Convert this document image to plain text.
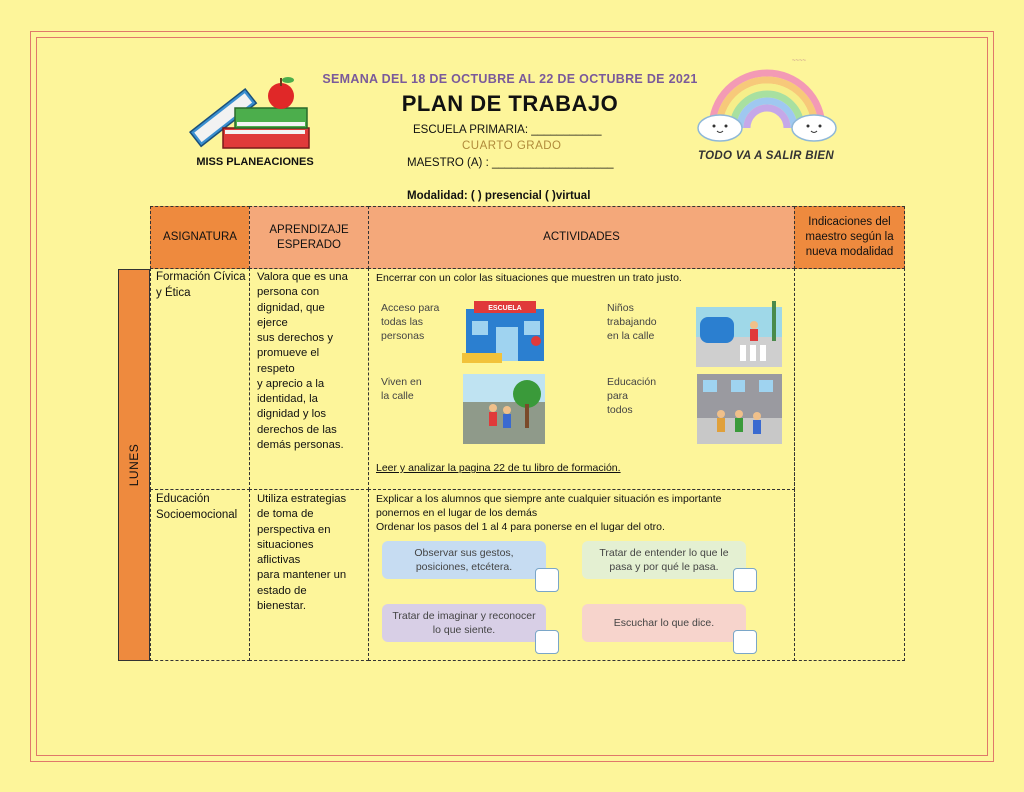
MISS PLANEACIONES
~~~~
TODO VA A SALIR BIEN
SEMANA DEL 18 DE OCTUBRE AL 22 DE OCTUBRE DE 2021
PLAN DE TRABAJO
ESCUELA PRIMARIA: ___________
CUARTO GRADO
MAESTRO (A) : ___________________
Modalidad: ( ) presencial ( )virtual
ASIGNATURA
APRENDIZAJE ESPERADO
ACTIVIDADES
Indicaciones del maestro según la nueva modalidad
LUNES
Formación Cívica y Ética
Valora que es una
persona con
dignidad, que
ejerce
sus derechos y
promueve el
respeto
y aprecio a la
identidad, la
dignidad y los
derechos de las
demás personas.
Encerrar con un color las situaciones que muestren un trato justo.
Acceso para
todas las
personas
ESCUELA	Niños
trabajando
en la calle
Viven en
la calle
Educación
para
todos
Leer y analizar la pagina 22 de tu libro de formación.
Educación Socioemocional
Utiliza estrategias
de toma de
perspectiva en
situaciones
aflictivas
para mantener un
estado de
bienestar.
Explicar a los alumnos que siempre ante cualquier situación es importante
ponernos en el lugar de los demás
Ordenar los pasos del 1 al 4 para ponerse en el lugar del otro.
Observar sus gestos, posiciones, etcétera.
Tratar de entender lo que le pasa y por qué le pasa.
Tratar de imaginar y reconocer lo que siente.
Escuchar lo que dice.
